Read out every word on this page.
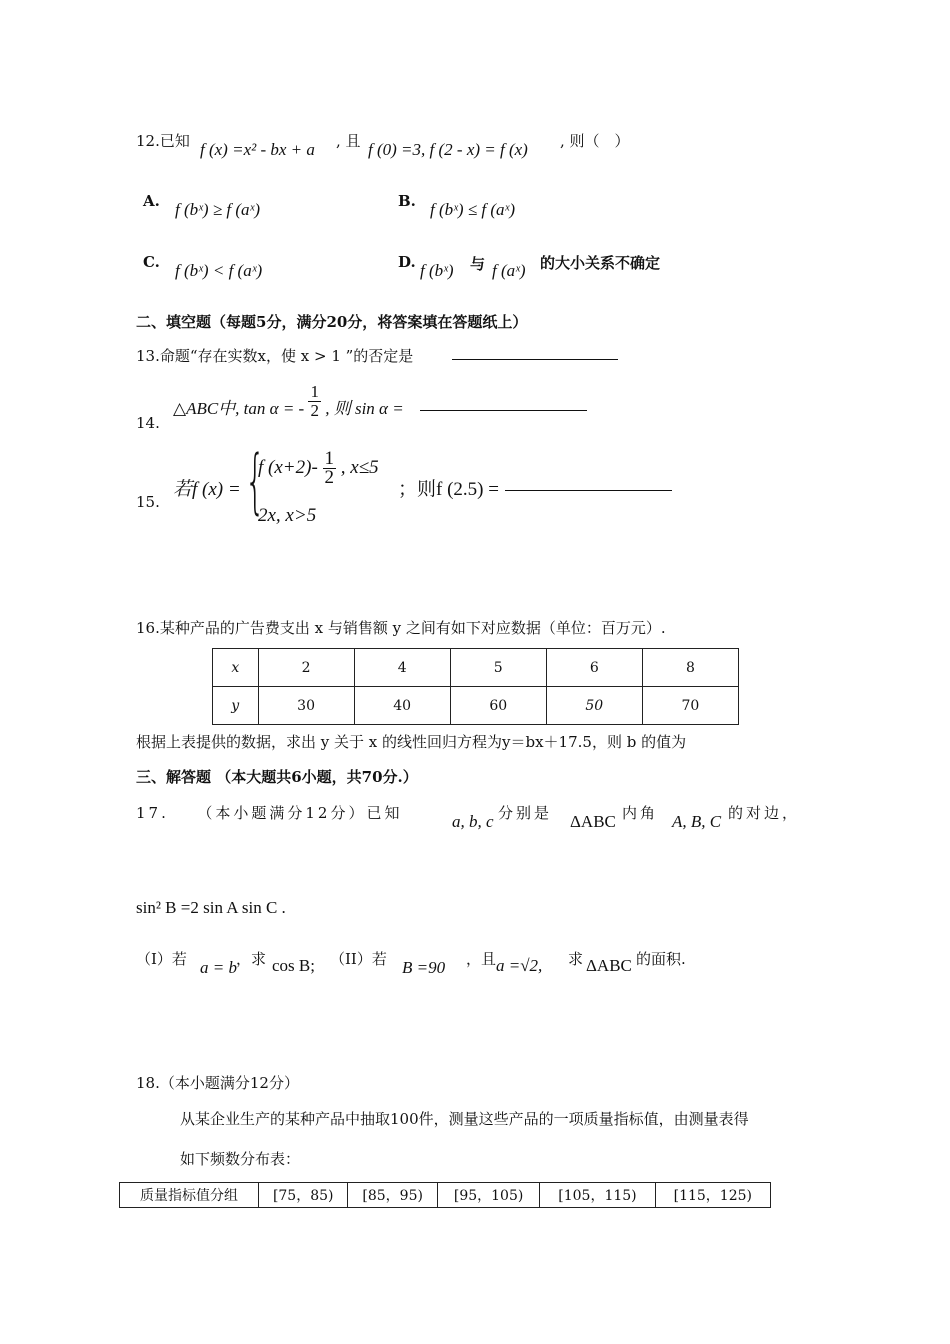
12.已知 f (x) =x² - bx + a , 且 f (0) =3, f (2 - x) = f (x) , 则（　）
A. f (bˣ) ≥ f (aˣ)	B. f (bˣ) ≤ f (aˣ)
C. f (bˣ) < f (aˣ)	D. f (bˣ) 与 f (aˣ) 的大小关系不确定
二、填空题（每题5分，满分20分，将答案填在答题纸上）
13.命题“存在实数x，使 x > 1 ”的否定是
14.
△ABC中, tan α = - $\frac{1}{2}$ , 则 sin α =
15.
若f (x) = {
f $(x+2)- \frac{1}{2}$ , x≤5
2x, x>5
；则f (2.5) =
16.某种产品的广告费支出 x 与销售额 y 之间有如下对应数据（单位：百万元）.
x	2	4	5	6	8
y	30	40	60	50	70
根据上表提供的数据，求出 y 关于 x 的线性回归方程为y＝bx＋17.5，则 b 的值为
三、解答题 （本大题共6小题，共70分.）
17.　　（本小题满分12分）已知	a, b, c 分别是 ΔABC 内角 A, B, C 的对边，
sin² B =2 sin A sin C .
（I）若 a = b ，求 cos B; （II）若 B =90 ，且 a =√2, 求 ΔABC 的面积.
18.（本小题满分12分）
从某企业生产的某种产品中抽取100件，测量这些产品的一项质量指标值，由测量表得
如下频数分布表：
质量指标值分组	[75，85)	[85，95)	[95，105)	[105，115)	[115，125)
